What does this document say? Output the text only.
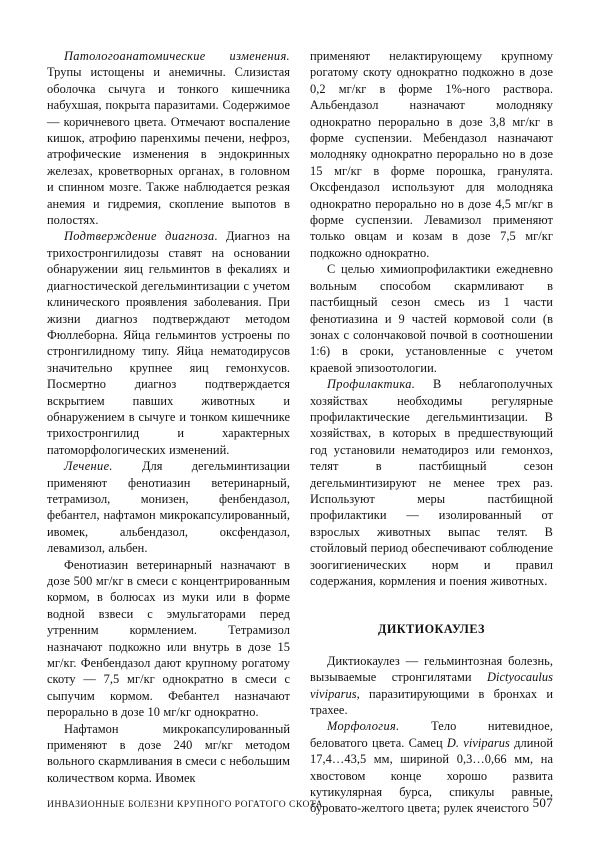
Патологоанатомические изменения. Трупы истощены и анемичны. Слизистая оболочка сычуга и тонкого кишечника набухшая, покрыта паразитами. Содержимое — коричневого цвета. Отмечают воспаление кишок, атрофию паренхимы печени, нефроз, атрофические изменения в эндокринных железах, кроветворных органах, в головном и спинном мозге. Также наблюдается резкая анемия и гидремия, скопление выпотов в полостях.

Подтверждение диагноза. Диагноз на трихостронгилидозы ставят на основании обнаружении яиц гельминтов в фекалиях и диагностической дегельминтизации с учетом клинического проявления заболевания. При жизни диагноз подтверждают методом Фюллеборна. Яйца гельминтов устроены по стронгилидному типу. Яйца нематодирусов значительно крупнее яиц гемонхусов. Посмертно диагноз подтверждается вскрытием павших животных и обнаружением в сычуге и тонком кишечнике трихостронгилид и характерных патоморфологических изменений.

Лечение. Для дегельминтизации применяют фенотиазин ветеринарный, тетрамизол, монизен, фенбендазол, фебантел, нафтамон микрокапсулированный, ивомек, альбендазол, оксфендазол, левамизол, альбен.

Фенотиазин ветеринарный назначают в дозе 500 мг/кг в смеси с концентрированным кормом, в болюсах из муки или в форме водной взвеси с эмульгаторами перед утренним кормлением. Тетрамизол назначают подкожно или внутрь в дозе 15 мг/кг. Фенбендазол дают крупному рогатому скоту — 7,5 мг/кг однократно в смеси с сыпучим кормом. Фебантел назначают перорально в дозе 10 мг/кг однократно.

Нафтамон микрокапсулированный применяют в дозе 240 мг/кг методом вольного скармливания в смеси с небольшим количеством корма. Ивомек

применяют нелактирующему крупному рогатому скоту однократно подкожно в дозе 0,2 мг/кг в форме 1%-ного раствора. Альбендазол назначают молодняку однократно перорально в дозе 3,8 мг/кг в форме суспензии. Мебендазол назначают молодняку однократно перорально но в дозе 15 мг/кг в форме порошка, гранулята. Оксфендазол используют для молодняка однократно перорально но в дозе 4,5 мг/кг в форме суспензии. Левамизол применяют только овцам и козам в дозе 7,5 мг/кг подкожно однократно.

С целью химиопрофилактики ежедневно вольным способом скармливают в пастбищный сезон смесь из 1 части фенотиазина и 9 частей кормовой соли (в зонах с солончаковой почвой в соотношении 1:6) в сроки, установленные с учетом краевой эпизоотологии.

Профилактика. В неблагополучных хозяйствах необходимы регулярные профилактические дегельминтизации. В хозяйствах, в которых в предшествующий год установили нематодироз или гемонхоз, телят в пастбищный сезон дегельминтизируют не менее трех раз. Используют меры пастбищной профилактики — изолированный от взрослых животных выпас телят. В стойловый период обеспечивают соблюдение зоогигиенических норм и правил содержания, кормления и поения животных.

ДИКТИОКАУЛЕЗ

Диктиокаулез — гельминтозная болезнь, вызываемые стронгилятами Dictyocaulus viviparus, паразитирующими в бронхах и трахее.

Морфология. Тело нитевидное, беловатого цвета. Самец D. viviparus длиной 17,4…43,5 мм, шириной 0,3…0,66 мм, на хвостовом конце хорошо развита кутикулярная бурса, спикулы равные, буровато-желтого цвета; рулек ячеистого

ИНВАЗИОННЫЕ БОЛЕЗНИ КРУПНОГО РОГАТОГО СКОТА	507
